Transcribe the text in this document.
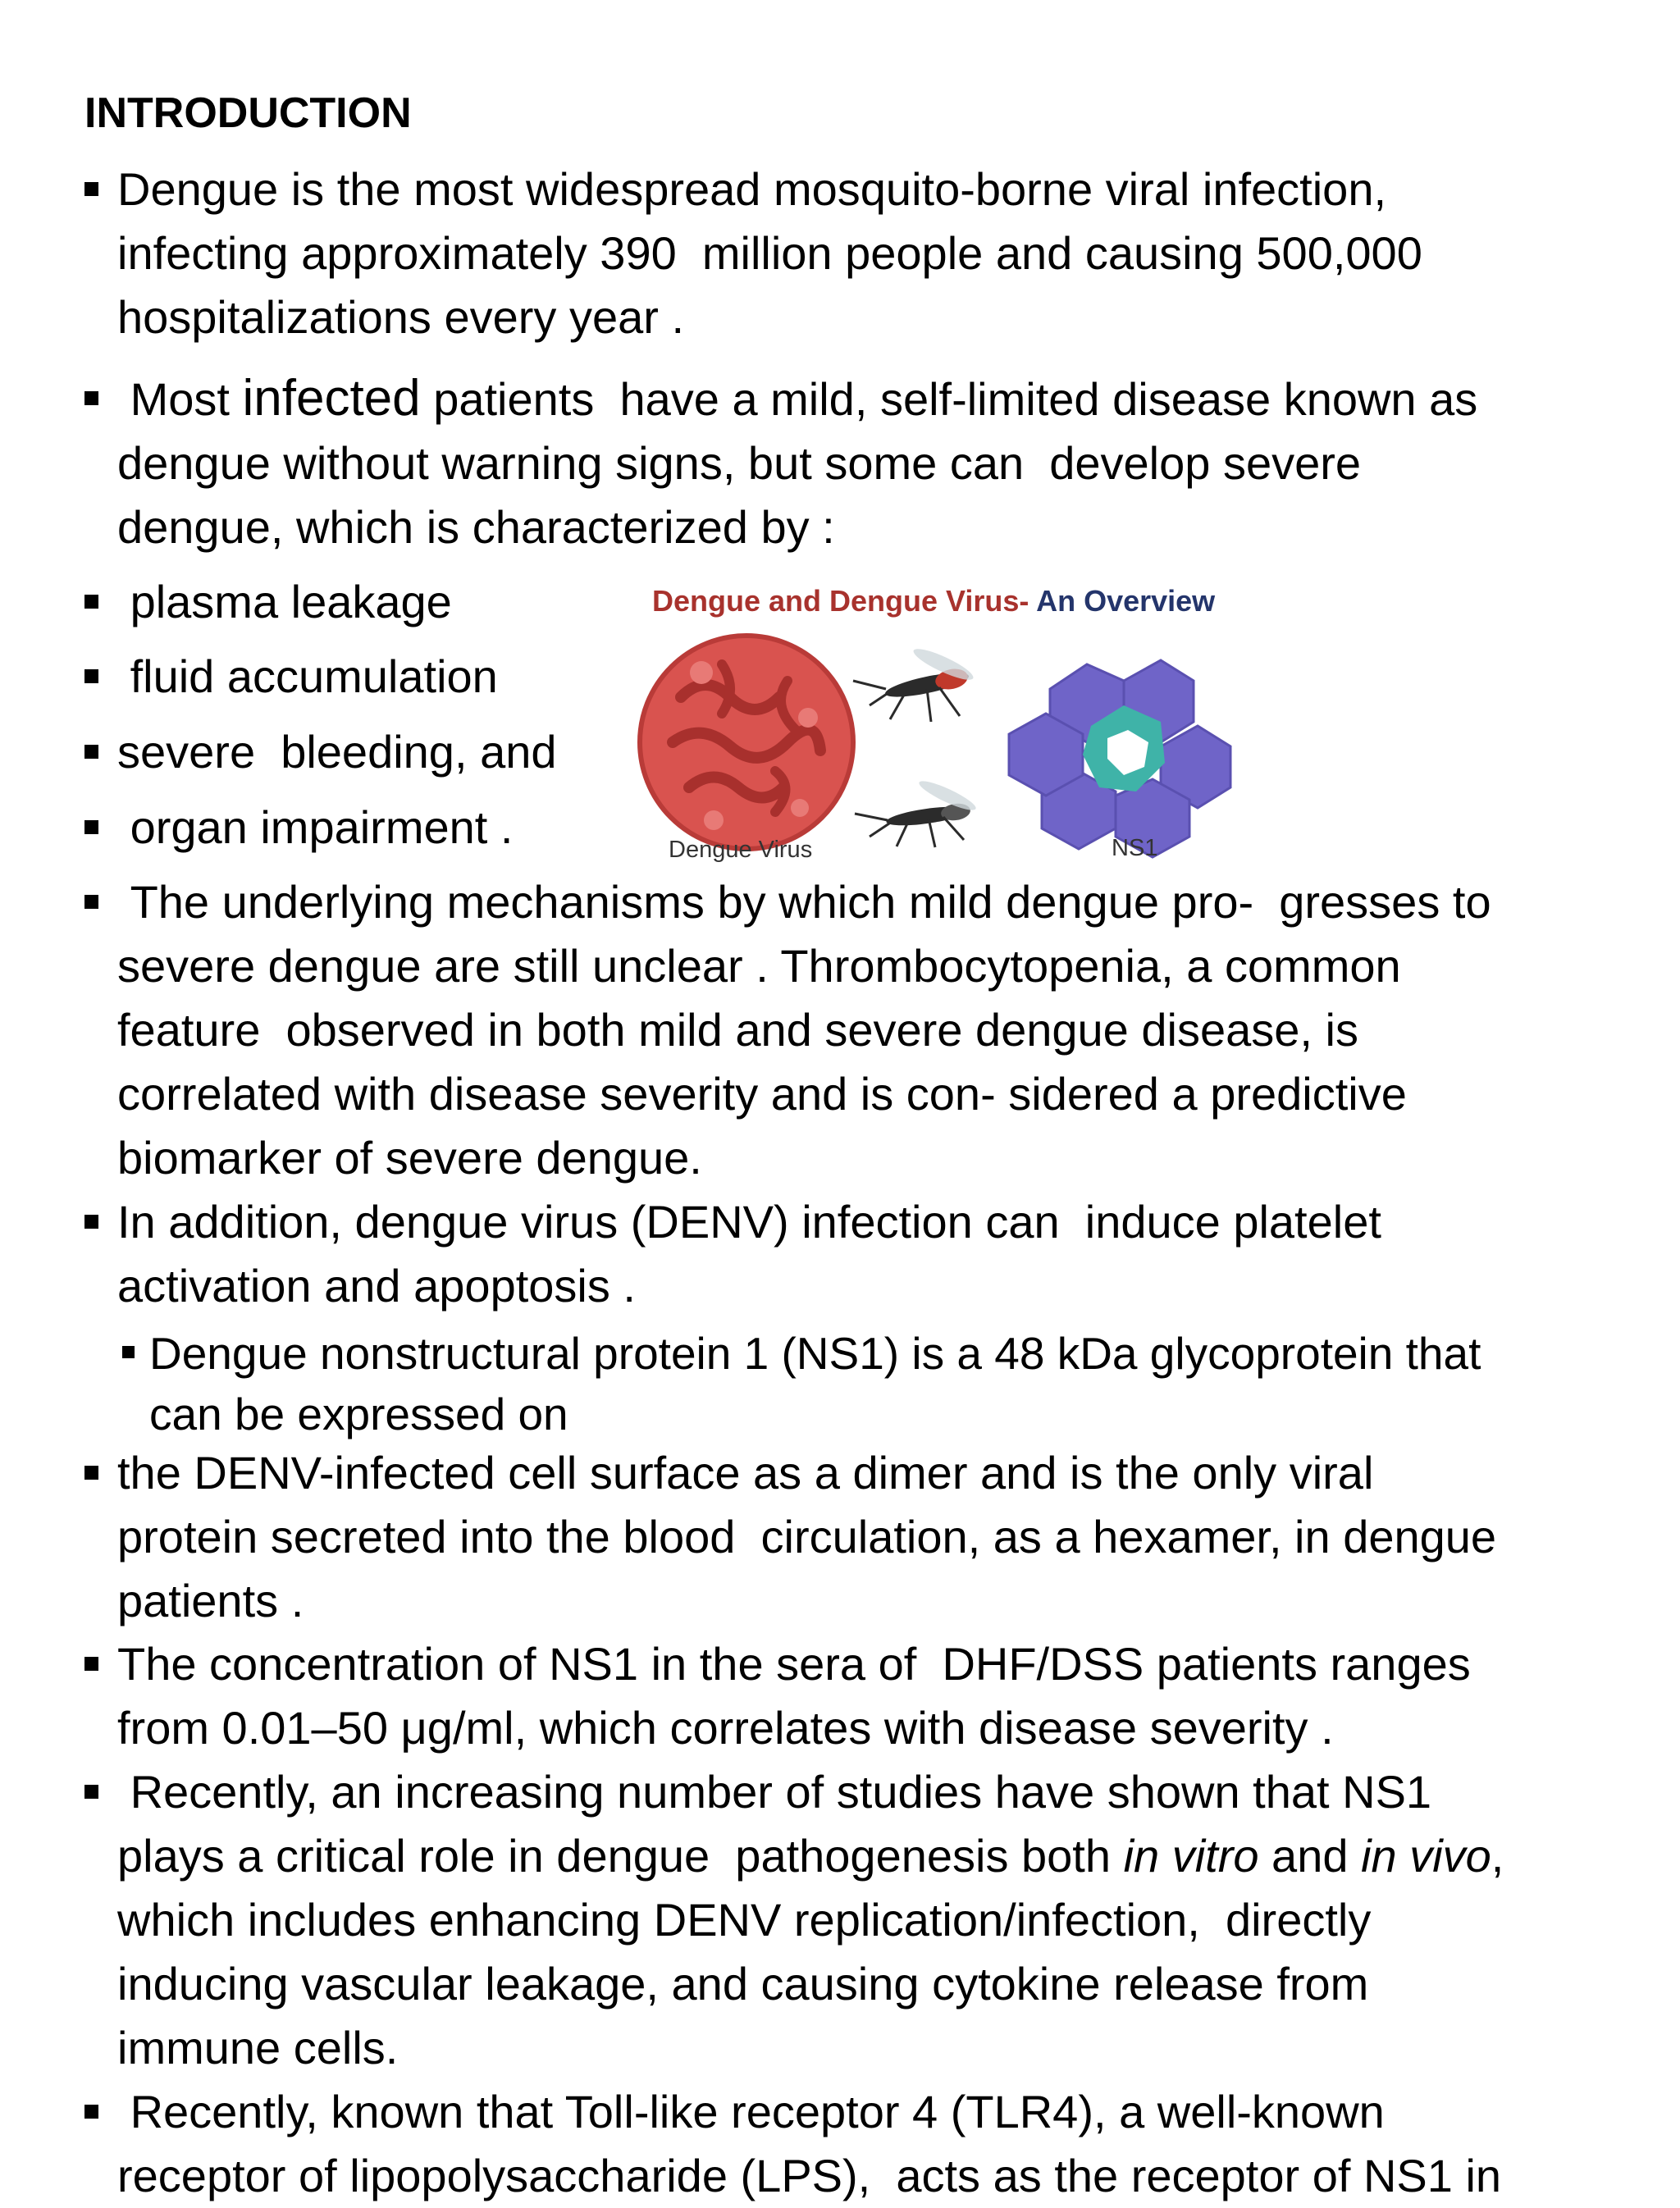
INTRODUCTION
Dengue is the most widespread mosquito-borne viral infection,
infecting approximately 390  million people and causing 500,000
hospitalizations every year .
Most infected patients  have a mild, self-limited disease known as
dengue without warning signs, but some can  develop severe
dengue, which is characterized by :
plasma leakage
fluid accumulation
severe  bleeding, and
organ impairment .
The underlying mechanisms by which mild dengue pro-  gresses to
severe dengue are still unclear . Thrombocytopenia, a common
feature  observed in both mild and severe dengue disease, is
correlated with disease severity and is con- sidered a predictive
biomarker of severe dengue.
In addition, dengue virus (DENV) infection can  induce platelet
activation and apoptosis .
Dengue nonstructural protein 1 (NS1) is a 48 kDa glycoprotein that
can be expressed on
the DENV-infected cell surface as a dimer and is the only viral
protein secreted into the blood  circulation, as a hexamer, in dengue
patients .
The concentration of NS1 in the sera of  DHF/DSS patients ranges
from 0.01–50 μg/ml, which correlates with disease severity .
Recently, an increasing number of studies have shown that NS1
plays a critical role in dengue  pathogenesis both in vitro and in vivo,
which includes enhancing DENV replication/infection,  directly
inducing vascular leakage, and causing cytokine release from
immune cells.
Recently, known that Toll-like receptor 4 (TLR4), a well-known
receptor of lipopolysaccharide (LPS),  acts as the receptor of NS1 in
Dengue and Dengue Virus- An Overview
Dengue Virus	NS1
